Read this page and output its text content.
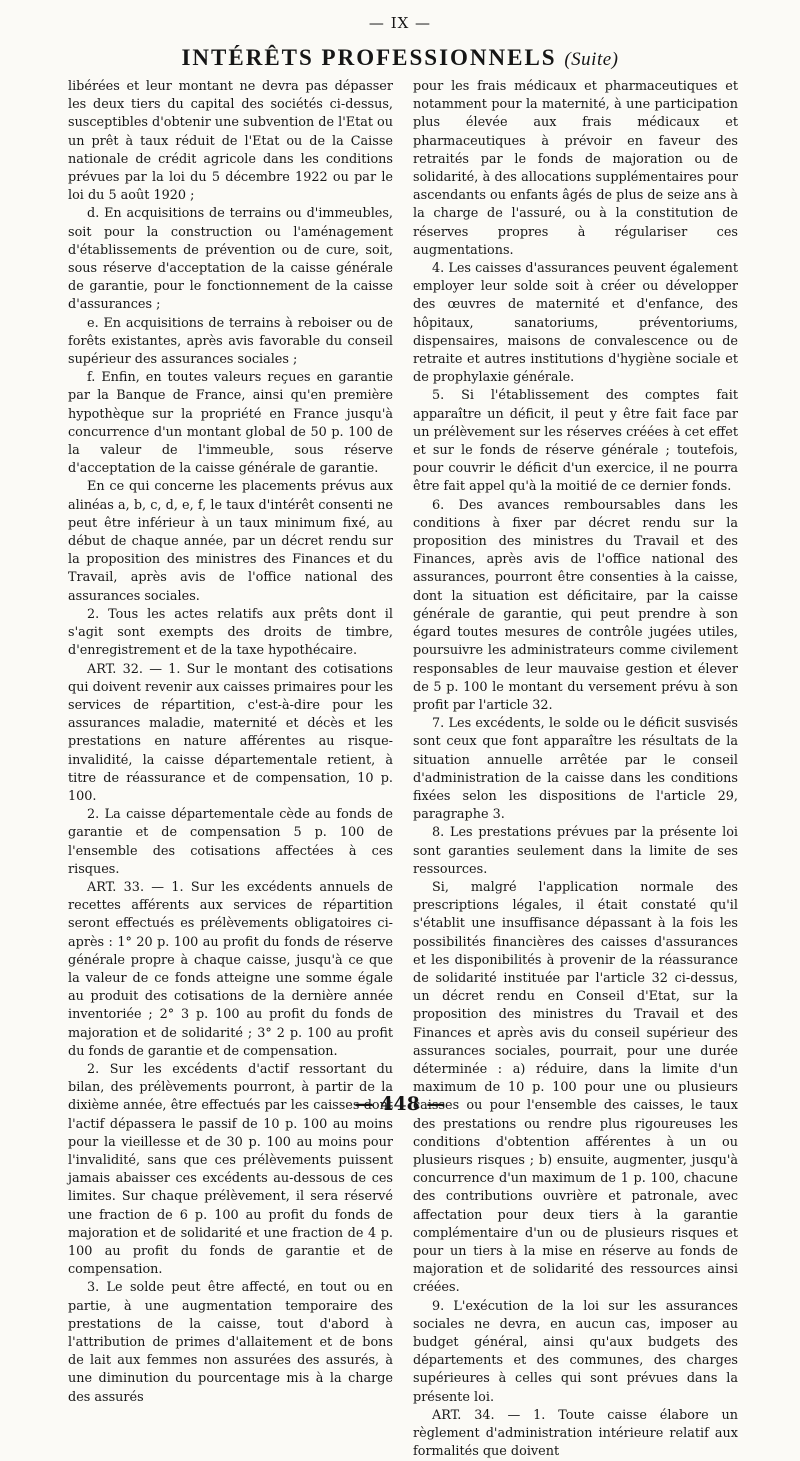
— IX —
INTÉRÊTS PROFESSIONNELS (Suite)

libérées et leur montant ne devra pas dépasser les deux tiers du capital des sociétés ci-dessus, susceptibles d'obtenir une subvention de l'Etat ou un prêt à taux réduit de l'Etat ou de la Caisse nationale de crédit agricole dans les conditions prévues par la loi du 5 décembre 1922 ou par le loi du 5 août 1920 ;

d. En acquisitions de terrains ou d'immeubles, soit pour la construction ou l'aménagement d'établissements de prévention ou de cure, soit, sous réserve d'acceptation de la caisse générale de garantie, pour le fonctionnement de la caisse d'assurances ;

e. En acquisitions de terrains à reboiser ou de forêts existantes, après avis favorable du conseil supérieur des assurances sociales ;

f. Enfin, en toutes valeurs reçues en garantie par la Banque de France, ainsi qu'en première hypothèque sur la propriété en France jusqu'à concurrence d'un montant global de 50 p. 100 de la valeur de l'immeuble, sous réserve d'acceptation de la caisse générale de garantie.

En ce qui concerne les placements prévus aux alinéas a, b, c, d, e, f, le taux d'intérêt consenti ne peut être inférieur à un taux minimum fixé, au début de chaque année, par un décret rendu sur la proposition des ministres des Finances et du Travail, après avis de l'office national des assurances sociales.

2. Tous les actes relatifs aux prêts dont il s'agit sont exempts des droits de timbre, d'enregistrement et de la taxe hypothécaire.

ART. 32. — 1. Sur le montant des cotisations qui doivent revenir aux caisses primaires pour les services de répartition, c'est-à-dire pour les assurances maladie, maternité et décès et les prestations en nature afférentes au risque-invalidité, la caisse départementale retient, à titre de réassurance et de compensation, 10 p. 100.

2. La caisse départementale cède au fonds de garantie et de compensation 5 p. 100 de l'ensemble des cotisations affectées à ces risques.

ART. 33. — 1. Sur les excédents annuels de recettes afférents aux services de répartition seront effectués es prélèvements obligatoires ci-après : 1° 20 p. 100 au profit du fonds de réserve générale propre à chaque caisse, jusqu'à ce que la valeur de ce fonds atteigne une somme égale au produit des cotisations de la dernière année inventoriée ; 2° 3 p. 100 au profit du fonds de majoration et de solidarité ; 3° 2 p. 100 au profit du fonds de garantie et de compensation.

2. Sur les excédents d'actif ressortant du bilan, des prélèvements pourront, à partir de la dixième année, être effectués par les caisses dont l'actif dépassera le passif de 10 p. 100 au moins pour la vieillesse et de 30 p. 100 au moins pour l'invalidité, sans que ces prélèvements puissent jamais abaisser ces excédents au-dessous de ces limites. Sur chaque prélèvement, il sera réservé une fraction de 6 p. 100 au profit du fonds de majoration et de solidarité et une fraction de 4 p. 100 au profit du fonds de garantie et de compensation.

3. Le solde peut être affecté, en tout ou en partie, à une augmentation temporaire des prestations de la caisse, tout d'abord à l'attribution de primes d'allaitement et de bons de lait aux femmes non assurées des assurés, à une diminution du pourcentage mis à la charge des assurés

pour les frais médicaux et pharmaceutiques et notamment pour la maternité, à une participation plus élevée aux frais médicaux et pharmaceutiques à prévoir en faveur des retraités par le fonds de majoration ou de solidarité, à des allocations supplémentaires pour ascendants ou enfants âgés de plus de seize ans à la charge de l'assuré, ou à la constitution de réserves propres à régulariser ces augmentations.

4. Les caisses d'assurances peuvent également employer leur solde soit à créer ou développer des œuvres de maternité et d'enfance, des hôpitaux, sanatoriums, préventoriums, dispensaires, maisons de convalescence ou de retraite et autres institutions d'hygiène sociale et de prophylaxie générale.

5. Si l'établissement des comptes fait apparaître un déficit, il peut y être fait face par un prélèvement sur les réserves créées à cet effet et sur le fonds de réserve générale ; toutefois, pour couvrir le déficit d'un exercice, il ne pourra être fait appel qu'à la moitié de ce dernier fonds.

6. Des avances remboursables dans les conditions à fixer par décret rendu sur la proposition des ministres du Travail et des Finances, après avis de l'office national des assurances, pourront être consenties à la caisse, dont la situation est déficitaire, par la caisse générale de garantie, qui peut prendre à son égard toutes mesures de contrôle jugées utiles, poursuivre les administrateurs comme civilement responsables de leur mauvaise gestion et élever de 5 p. 100 le montant du versement prévu à son profit par l'article 32.

7. Les excédents, le solde ou le déficit susvisés sont ceux que font apparaître les résultats de la situation annuelle arrêtée par le conseil d'administration de la caisse dans les conditions fixées selon les dispositions de l'article 29, paragraphe 3.

8. Les prestations prévues par la présente loi sont garanties seulement dans la limite de ses ressources.

Si, malgré l'application normale des prescriptions légales, il était constaté qu'il s'établit une insuffisance dépassant à la fois les possibilités financières des caisses d'assurances et les disponibilités à provenir de la réassurance de solidarité instituée par l'article 32 ci-dessus, un décret rendu en Conseil d'Etat, sur la proposition des ministres du Travail et des Finances et après avis du conseil supérieur des assurances sociales, pourrait, pour une durée déterminée : a) réduire, dans la limite d'un maximum de 10 p. 100 pour une ou plusieurs caisses ou pour l'ensemble des caisses, le taux des prestations ou rendre plus rigoureuses les conditions d'obtention afférentes à un ou plusieurs risques ; b) ensuite, augmenter, jusqu'à concurrence d'un maximum de 1 p. 100, chacune des contributions ouvrière et patronale, avec affectation pour deux tiers à la garantie complémentaire d'un ou de plusieurs risques et pour un tiers à la mise en réserve au fonds de majoration et de solidarité des ressources ainsi créées.

9. L'exécution de la loi sur les assurances sociales ne devra, en aucun cas, imposer au budget général, ainsi qu'aux budgets des départements et des communes, des charges supérieures à celles qui sont prévues dans la présente loi.

ART. 34. — 1. Toute caisse élabore un règlement d'administration intérieure relatif aux formalités que doivent

— 448 —
